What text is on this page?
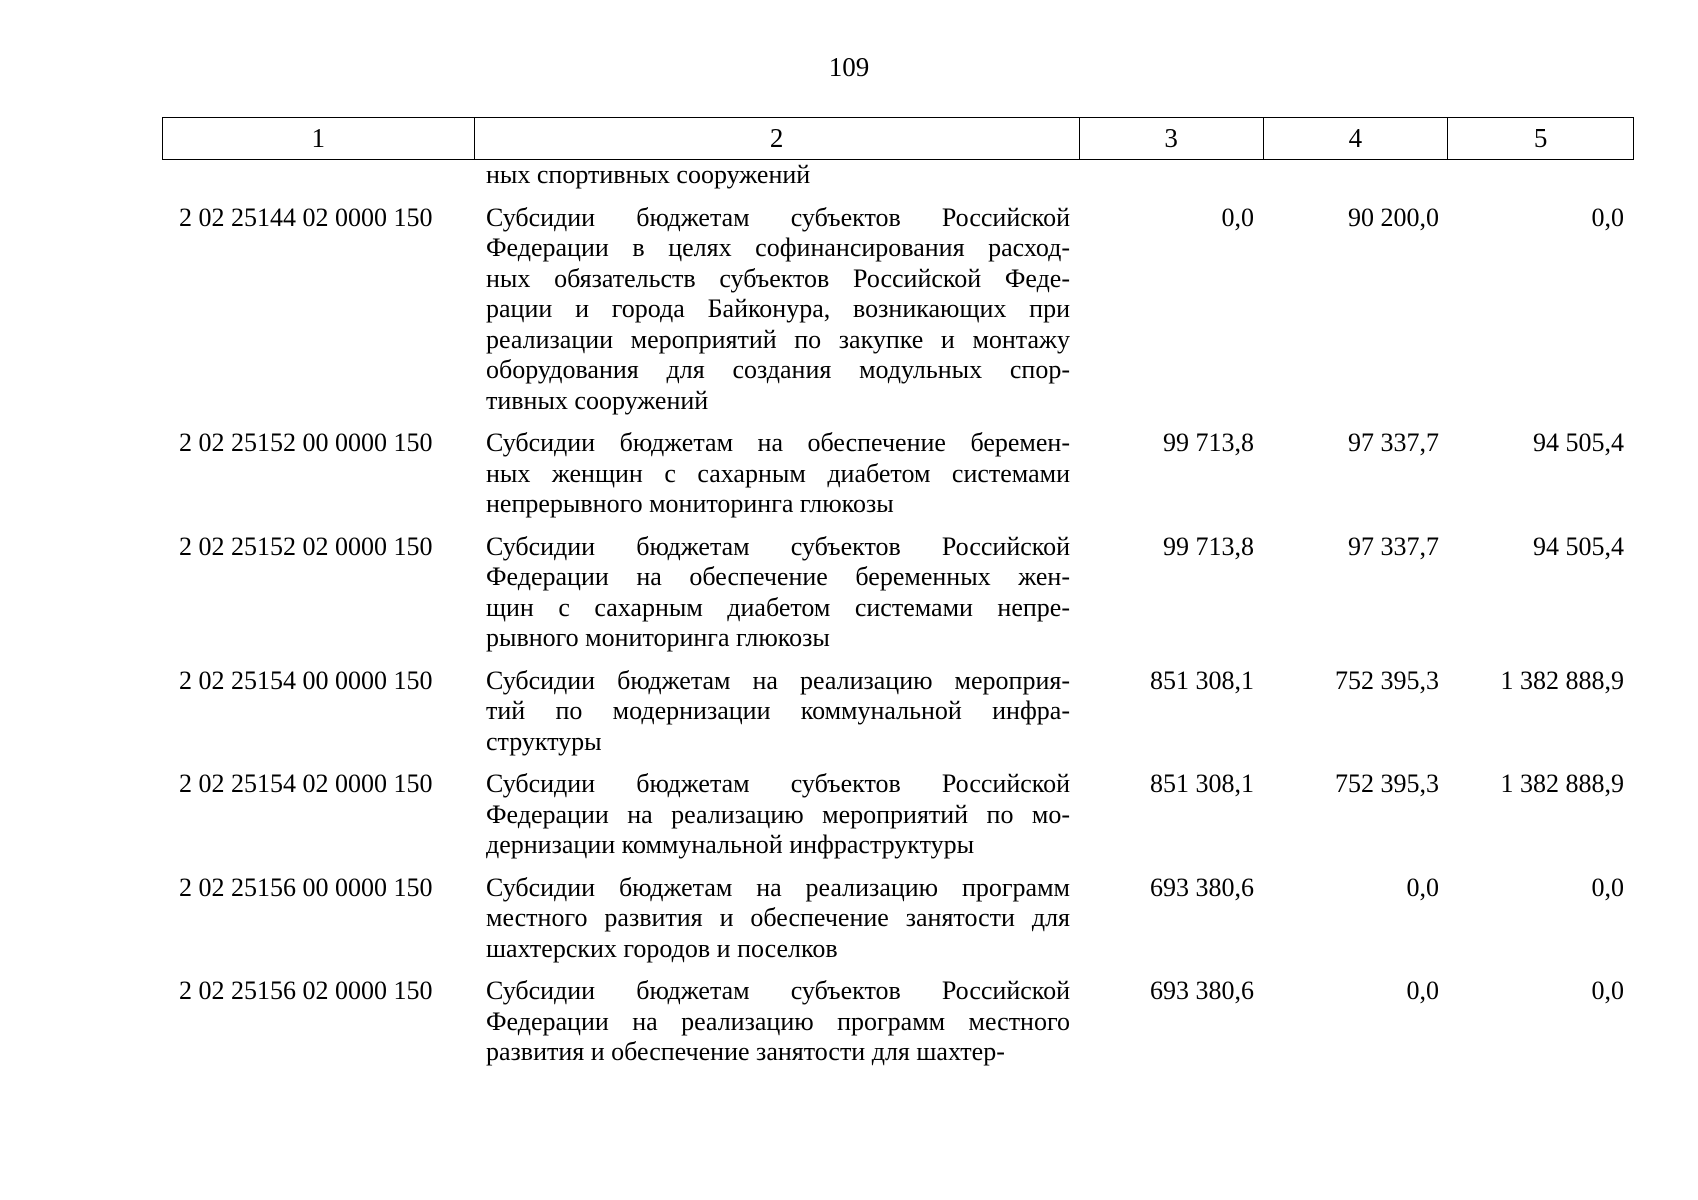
109
1	2	3	4	5
ных спортивных сооружений
2 02 25144 02 0000 150	Субсидии бюджетам субъектов Российской
Федерации в целях софинансирования расход-
ных обязательств субъектов Российской Феде-
рации и города Байконура, возникающих при
реализации мероприятий по закупке и монтажу
оборудования для создания модульных спор-
тивных сооружений
0,0	90 200,0	0,0
2 02 25152 00 0000 150	Субсидии бюджетам на обеспечение беремен-
ных женщин с сахарным диабетом системами
непрерывного мониторинга глюкозы
99 713,8	97 337,7	94 505,4
2 02 25152 02 0000 150	Субсидии бюджетам субъектов Российской
Федерации на обеспечение беременных жен-
щин с сахарным диабетом системами непре-
рывного мониторинга глюкозы
99 713,8	97 337,7	94 505,4
2 02 25154 00 0000 150	Субсидии бюджетам на реализацию мероприя-
тий по модернизации коммунальной инфра-
структуры
851 308,1	752 395,3	1 382 888,9
2 02 25154 02 0000 150	Субсидии бюджетам субъектов Российской
Федерации на реализацию мероприятий по мо-
дернизации коммунальной инфраструктуры
851 308,1	752 395,3	1 382 888,9
2 02 25156 00 0000 150	Субсидии бюджетам на реализацию программ
местного развития и обеспечение занятости для
шахтерских городов и поселков
693 380,6	0,0	0,0
2 02 25156 02 0000 150	Субсидии бюджетам субъектов Российской
Федерации на реализацию программ местного
развития и обеспечение занятости для шахтер-
693 380,6	0,0	0,0
